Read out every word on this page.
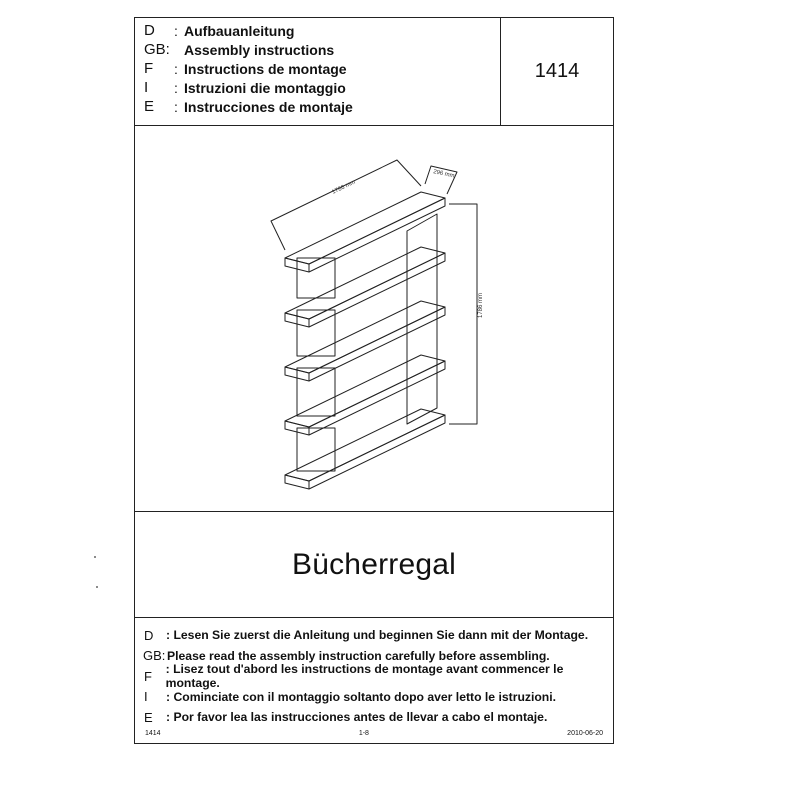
D	: Aufbauanleitung
GB:	Assembly instructions
F	: Instructions de montage
I	: Istruzioni die montaggio
E	: Instrucciones de montaje
1414
1786 mm
296 mm
1786 mm
Bücherregal
D	: Lesen Sie zuerst die Anleitung und beginnen Sie dann mit der Montage.
GB: Please read the assembly instruction carefully before assembling.
F	: Lisez tout d'abord les instructions de montage avant commencer le montage.
I	: Cominciate con il montaggio soltanto dopo aver letto le istruzioni.
E	: Por favor lea las instrucciones antes de llevar a cabo el montaje.
1414	1-8	2010-06-20
